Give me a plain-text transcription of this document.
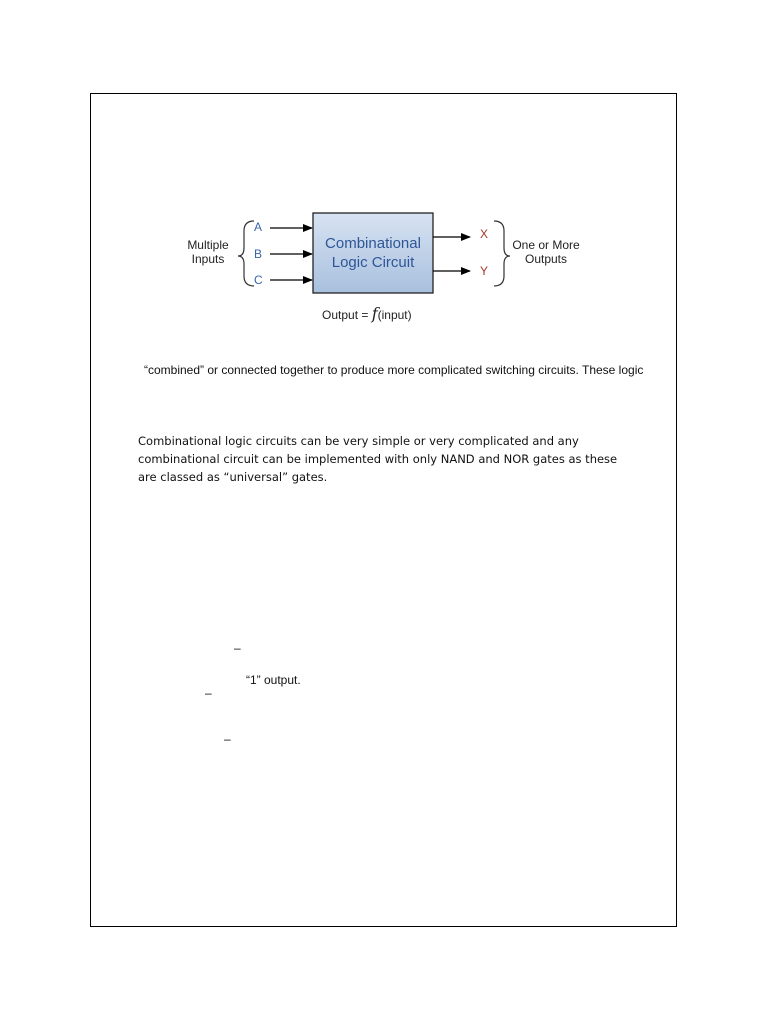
Multiple
Inputs
A
B
C
Combinational
Logic Circuit
X
Y
One or More
Outputs
Output = f(input)
“combined” or connected together to produce more complicated switching circuits. These logic
Combinational logic circuits can be very simple or very complicated and any
combinational circuit can be implemented with only NAND and NOR gates as these
are classed as “universal” gates.
–
“1” output.
–
–
